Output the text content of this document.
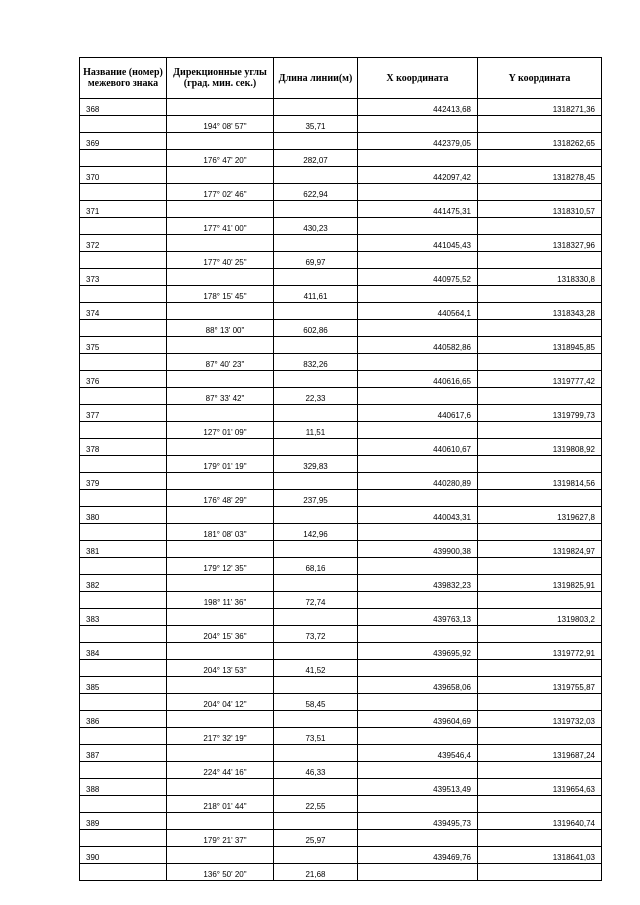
Название (номер) межевого знака	Дирекционные углы (град. мин. сек.)	Длина линии(м)	X координата	Y координата
368			442413,68	1318271,36
	194° 08' 57"	35,71		
369			442379,05	1318262,65
	176° 47' 20"	282,07		
370			442097,42	1318278,45
	177° 02' 46"	622,94		
371			441475,31	1318310,57
	177° 41' 00"	430,23		
372			441045,43	1318327,96
	177° 40' 25"	69,97		
373			440975,52	1318330,8
	178° 15' 45"	411,61		
374			440564,1	1318343,28
	88° 13' 00"	602,86		
375			440582,86	1318945,85
	87° 40' 23"	832,26		
376			440616,65	1319777,42
	87° 33' 42"	22,33		
377			440617,6	1319799,73
	127° 01' 09"	11,51		
378			440610,67	1319808,92
	179° 01' 19"	329,83		
379			440280,89	1319814,56
	176° 48' 29"	237,95		
380			440043,31	1319627,8
	181° 08' 03"	142,96		
381			439900,38	1319824,97
	179° 12' 35"	68,16		
382			439832,23	1319825,91
	198° 11' 36"	72,74		
383			439763,13	1319803,2
	204° 15' 36"	73,72		
384			439695,92	1319772,91
	204° 13' 53"	41,52		
385			439658,06	1319755,87
	204° 04' 12"	58,45		
386			439604,69	1319732,03
	217° 32' 19"	73,51		
387			439546,4	1319687,24
	224° 44' 16"	46,33		
388			439513,49	1319654,63
	218° 01' 44"	22,55		
389			439495,73	1319640,74
	179° 21' 37"	25,97		
390			439469,76	1318641,03
	136° 50' 20"	21,68		
